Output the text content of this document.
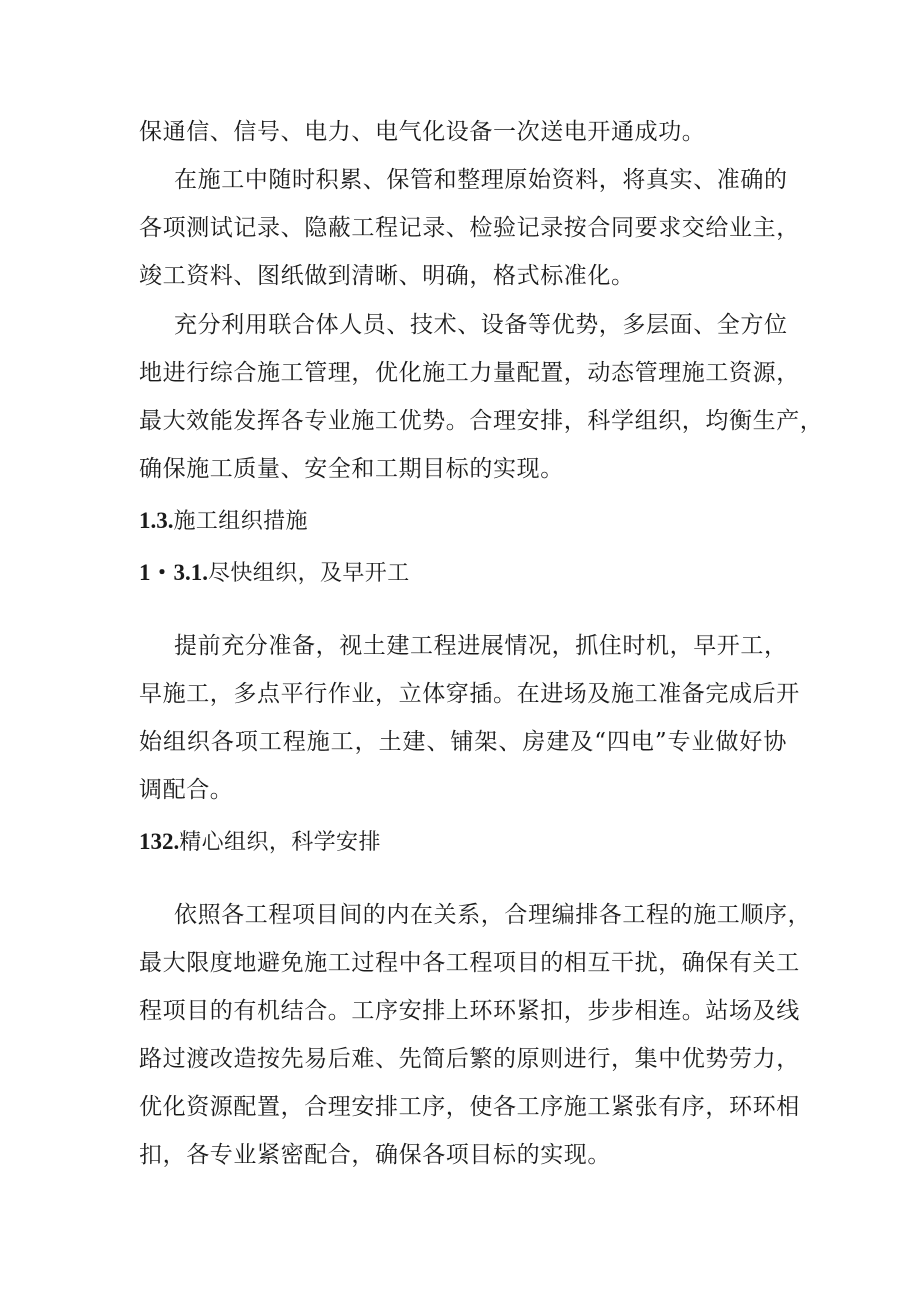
保通信、信号、电力、电气化设备一次送电开通成功。
在施工中随时积累、保管和整理原始资料，将真实、准确的
各项测试记录、隐蔽工程记录、检验记录按合同要求交给业主，
竣工资料、图纸做到清晰、明确，格式标准化。
充分利用联合体人员、技术、设备等优势，多层面、全方位
地进行综合施工管理，优化施工力量配置，动态管理施工资源，
最大效能发挥各专业施工优势。合理安排，科学组织，均衡生产，
确保施工质量、安全和工期目标的实现。
1.3.施工组织措施
1・3.1.尽快组织，及早开工
提前充分准备，视土建工程进展情况，抓住时机，早开工，
早施工，多点平行作业，立体穿插。在进场及施工准备完成后开
始组织各项工程施工，土建、铺架、房建及“四电”专业做好协
调配合。
132.精心组织，科学安排
依照各工程项目间的内在关系，合理编排各工程的施工顺序，
最大限度地避免施工过程中各工程项目的相互干扰，确保有关工
程项目的有机结合。工序安排上环环紧扣，步步相连。站场及线
路过渡改造按先易后难、先简后繁的原则进行，集中优势劳力，
优化资源配置，合理安排工序，使各工序施工紧张有序，环环相
扣，各专业紧密配合，确保各项目标的实现。
